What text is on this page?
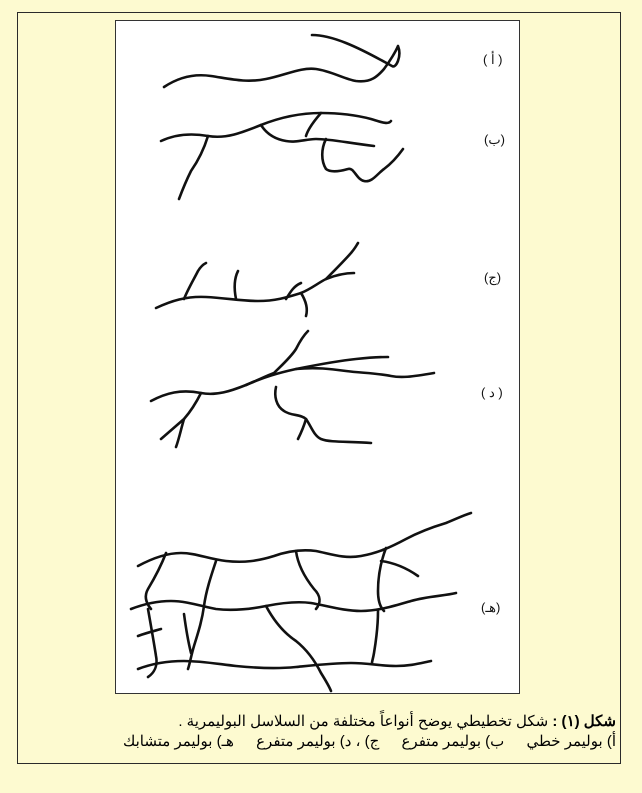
( أ )
(ب)
(ج)
( د )
(هـ)
شكل (١) : شكل تخطيطي يوضح أنواعاً مختلفة من السلاسل البوليمرية .
أ) بوليمر خطي ب) بوليمر متفرع ج) ، د) بوليمر متفرع هـ) بوليمر متشابك
